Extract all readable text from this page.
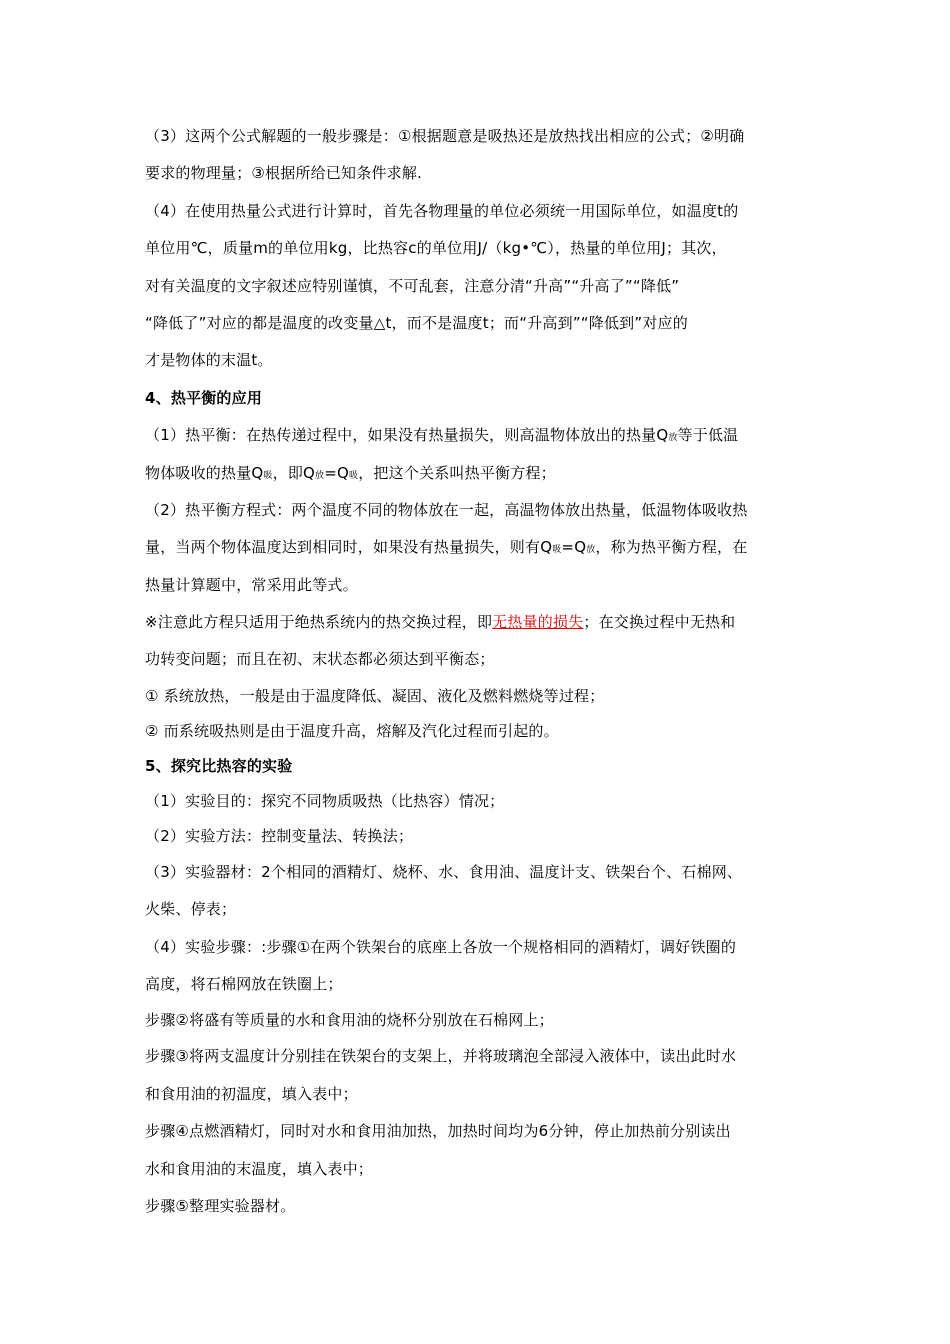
（3）这两个公式解题的一般步骤是：①根据题意是吸热还是放热找出相应的公式；②明确
要求的物理量；③根据所给已知条件求解.
（4）在使用热量公式进行计算时，首先各物理量的单位必须统一用国际单位，如温度t的
单位用℃，质量m的单位用kg，比热容c的单位用J/（kg•℃），热量的单位用J；其次，
对有关温度的文字叙述应特别谨慎，不可乱套，注意分清“升高”“升高了”“降低”
“降低了”对应的都是温度的改变量△t，而不是温度t；而“升高到”“降低到”对应的
才是物体的末温t。
4、热平衡的应用
（1）热平衡：在热传递过程中，如果没有热量损失，则高温物体放出的热量Q放等于低温
物体吸收的热量Q吸，即Q放=Q吸，把这个关系叫热平衡方程；
（2）热平衡方程式：两个温度不同的物体放在一起，高温物体放出热量，低温物体吸收热
量，当两个物体温度达到相同时，如果没有热量损失，则有Q吸=Q放，称为热平衡方程，在
热量计算题中，常采用此等式。
※注意此方程只适用于绝热系统内的热交换过程，即无热量的损失；在交换过程中无热和
功转变问题；而且在初、末状态都必须达到平衡态；
① 系统放热，一般是由于温度降低、凝固、液化及燃料燃烧等过程；
② 而系统吸热则是由于温度升高，熔解及汽化过程而引起的。
5、探究比热容的实验
（1）实验目的：探究不同物质吸热（比热容）情况；
（2）实验方法：控制变量法、转换法；
（3）实验器材：2个相同的酒精灯、烧杯、水、食用油、温度计支、铁架台个、石棉网、
火柴、停表；
（4）实验步骤：:步骤①在两个铁架台的底座上各放一个规格相同的酒精灯，调好铁圈的
高度，将石棉网放在铁圈上；
步骤②将盛有等质量的水和食用油的烧杯分别放在石棉网上；
步骤③将两支温度计分别挂在铁架台的支架上，并将玻璃泡全部浸入液体中，读出此时水
和食用油的初温度，填入表中；
步骤④点燃酒精灯，同时对水和食用油加热，加热时间均为6分钟，停止加热前分别读出
水和食用油的末温度，填入表中；
步骤⑤整理实验器材。
